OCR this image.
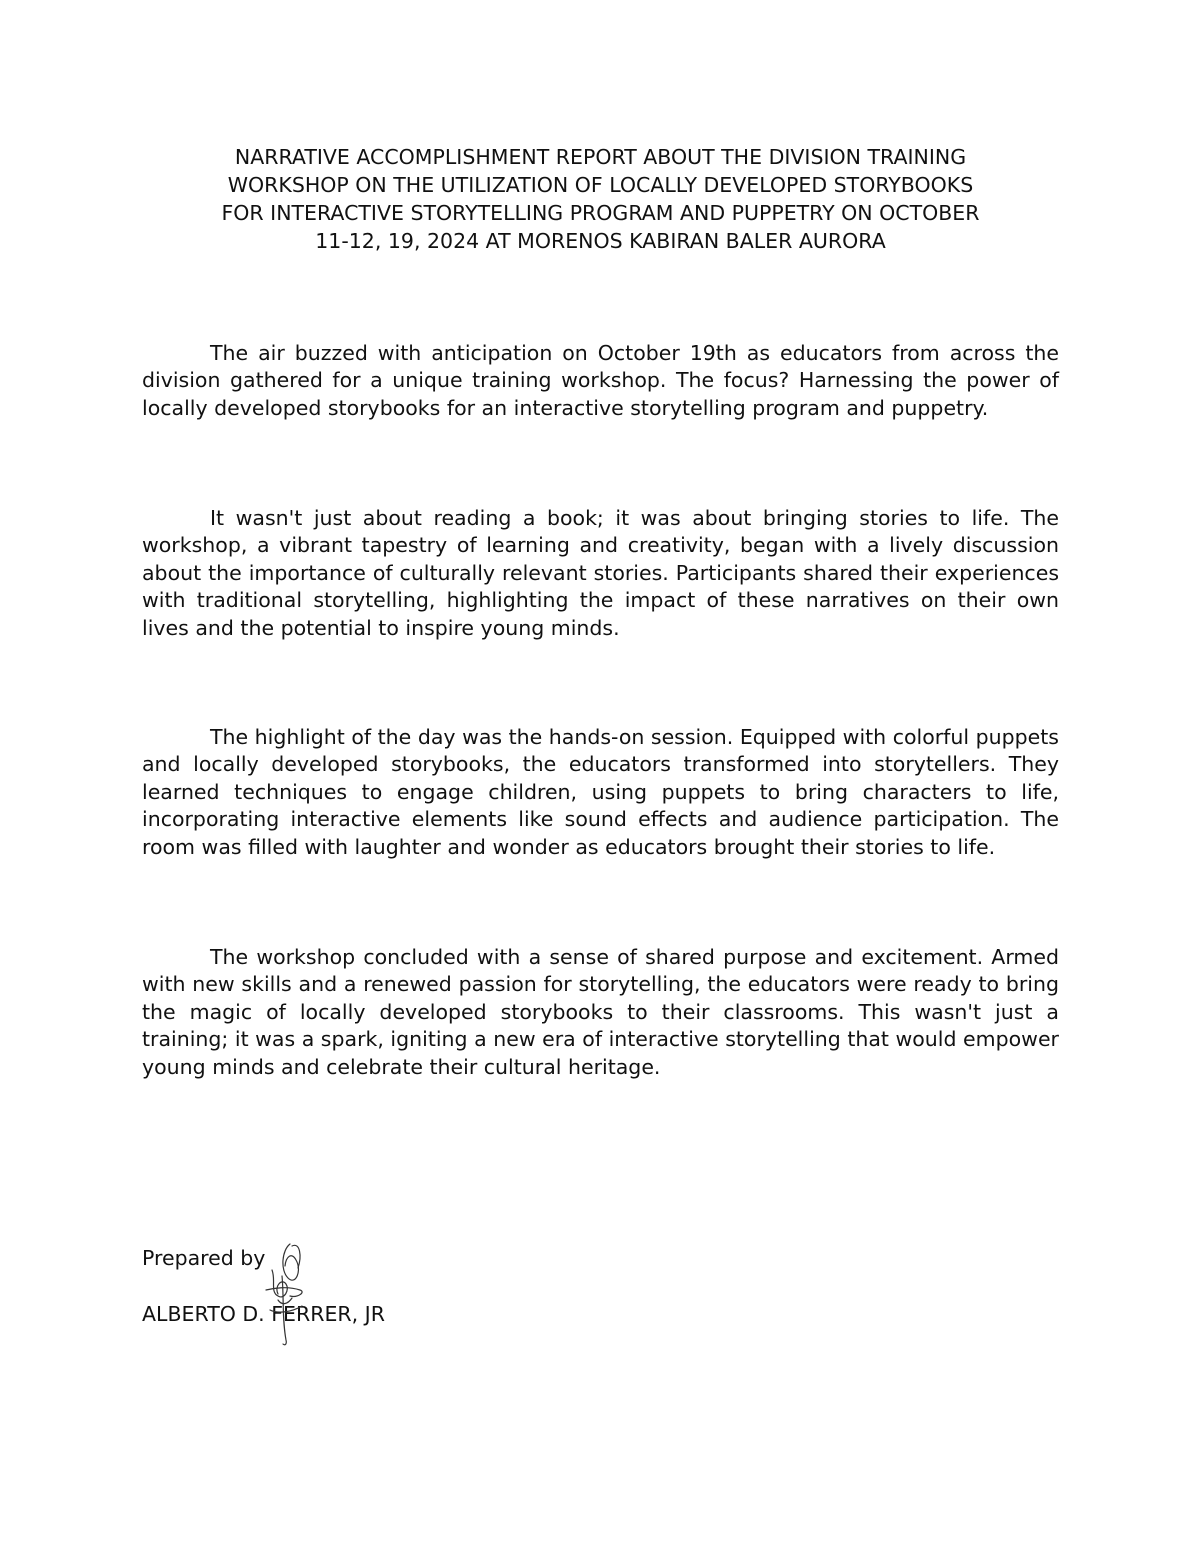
NARRATIVE ACCOMPLISHMENT REPORT ABOUT THE DIVISION TRAINING
WORKSHOP ON THE UTILIZATION OF LOCALLY DEVELOPED STORYBOOKS
FOR INTERACTIVE STORYTELLING PROGRAM AND PUPPETRY ON OCTOBER
11-12, 19, 2024 AT MORENOS KABIRAN BALER AURORA

The air buzzed with anticipation on October 19th as educators from across the division gathered for a unique training workshop. The focus? Harnessing the power of locally developed storybooks for an interactive storytelling program and puppetry.

It wasn't just about reading a book; it was about bringing stories to life. The workshop, a vibrant tapestry of learning and creativity, began with a lively discussion about the importance of culturally relevant stories. Participants shared their experiences with traditional storytelling, highlighting the impact of these narratives on their own lives and the potential to inspire young minds.

The highlight of the day was the hands-on session. Equipped with colorful puppets and locally developed storybooks, the educators transformed into storytellers. They learned techniques to engage children, using puppets to bring characters to life, incorporating interactive elements like sound effects and audience participation. The room was filled with laughter and wonder as educators brought their stories to life.

The workshop concluded with a sense of shared purpose and excitement. Armed with new skills and a renewed passion for storytelling, the educators were ready to bring the magic of locally developed storybooks to their classrooms. This wasn't just a training; it was a spark, igniting a new era of interactive storytelling that would empower young minds and celebrate their cultural heritage.

Prepared by

ALBERTO D. FERRER, JR
